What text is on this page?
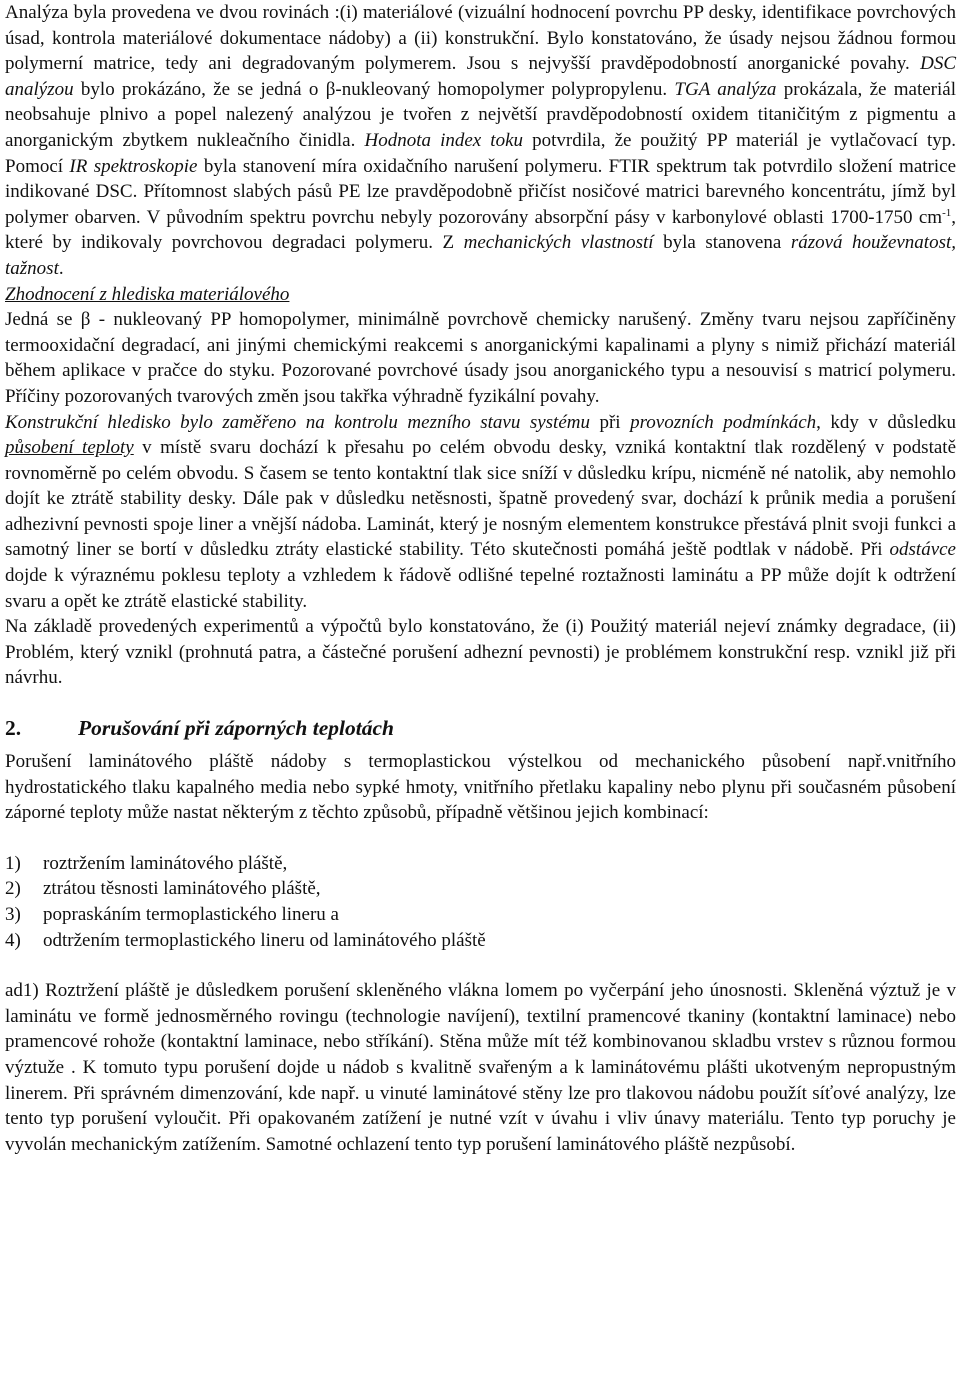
Analýza byla provedena ve dvou rovinách :(i) materiálové (vizuální hodnocení povrchu PP desky, identifikace povrchových úsad, kontrola materiálové dokumentace nádoby) a (ii) konstrukční. Bylo konstatováno, že úsady nejsou žádnou formou polymerní matrice, tedy ani degradovaným polymerem. Jsou s nejvyšší pravděpodobností anorganické povahy. DSC analýzou bylo prokázáno, že se jedná o β-nukleovaný homopolymer polypropylenu. TGA analýza prokázala, že materiál neobsahuje plnivo a popel nalezený analýzou je tvořen z největší pravděpodobností oxidem titaničitým z pigmentu a anorganickým zbytkem nukleačního činidla. Hodnota index toku potvrdila, že použitý PP materiál je vytlačovací typ. Pomocí IR spektroskopie byla stanovení míra oxidačního narušení polymeru. FTIR spektrum tak potvrdilo složení matrice indikované DSC. Přítomnost slabých pásů PE lze pravděpodobně přičíst nosičové matrici barevného koncentrátu, jímž byl polymer obarven. V původním spektru povrchu nebyly pozorovány absorpční pásy v karbonylové oblasti 1700-1750 $cm^{-1}$, které by indikovaly povrchovou degradaci polymeru. Z mechanických vlastností byla stanovena rázová houževnatost, tažnost.

Zhodnocení z hlediska materiálového

Jedná se β - nukleovaný PP homopolymer, minimálně povrchově chemicky narušený. Změny tvaru nejsou zapříčiněny termooxidační degradací, ani jinými chemickými reakcemi s anorganickými kapalinami a plyny s nimiž přichází materiál během aplikace v pračce do styku. Pozorované povrchové úsady jsou anorganického typu a nesouvisí s matricí polymeru. Příčiny pozorovaných tvarových změn jsou takřka výhradně fyzikální povahy.

Konstrukční hledisko bylo zaměřeno na kontrolu mezního stavu systému při provozních podmínkách, kdy v důsledku působení teploty v místě svaru dochází k přesahu po celém obvodu desky, vzniká kontaktní tlak rozdělený v podstatě rovnoměrně po celém obvodu. S časem se tento kontaktní tlak sice sníží v důsledku krípu, nicméně né natolik, aby nemohlo dojít ke ztrátě stability desky. Dále pak v důsledku netěsnosti, špatně provedený svar, dochází k průnik media a porušení adhezivní pevnosti spoje liner a vnější nádoba. Laminát, který je nosným elementem konstrukce přestává plnit svoji funkci a samotný liner se bortí v důsledku ztráty elastické stability. Této skutečnosti pomáhá ještě podtlak v nádobě. Při odstávce dojde k výraznému poklesu teploty a vzhledem k řádově odlišné tepelné roztažnosti laminátu a PP může dojít k odtržení svaru a opět ke ztrátě elastické stability.

Na základě provedených experimentů a výpočtů bylo konstatováno, že (i) Použitý materiál nejeví známky degradace, (ii) Problém, který vznikl (prohnutá patra, a částečné porušení adhezní pevnosti) je problémem konstrukční resp. vznikl již při návrhu.

2.	Porušování při záporných teplotách

Porušení laminátového pláště nádoby s termoplastickou výstelkou od mechanického působení např.vnitřního hydrostatického tlaku kapalného media nebo sypké hmoty, vnitřního přetlaku kapaliny nebo plynu při současném působení záporné teploty může nastat některým z těchto způsobů, případně většinou jejich kombinací:

1)	roztržením laminátového pláště,
2)	ztrátou těsnosti laminátového pláště,
3)	popraskáním termoplastického lineru a
4)	odtržením termoplastického lineru od laminátového pláště

ad1) Roztržení pláště je důsledkem porušení skleněného vlákna lomem po vyčerpání jeho únosnosti. Skleněná výztuž je v laminátu ve formě jednosměrného rovingu (technologie navíjení), textilní pramencové tkaniny (kontaktní laminace) nebo pramencové rohože (kontaktní laminace, nebo stříkání). Stěna může mít též kombinovanou skladbu vrstev s různou formou výztuže . K tomuto typu porušení dojde u nádob s kvalitně svařeným a k laminátovému plášti ukotveným nepropustným linerem. Při správném dimenzování, kde např. u vinuté laminátové stěny lze pro tlakovou nádobu použít síťové analýzy, lze tento typ porušení vyloučit. Při opakovaném zatížení je nutné vzít v úvahu i vliv únavy materiálu. Tento typ poruchy je vyvolán mechanickým zatížením. Samotné ochlazení tento typ porušení laminátového pláště nezpůsobí.
